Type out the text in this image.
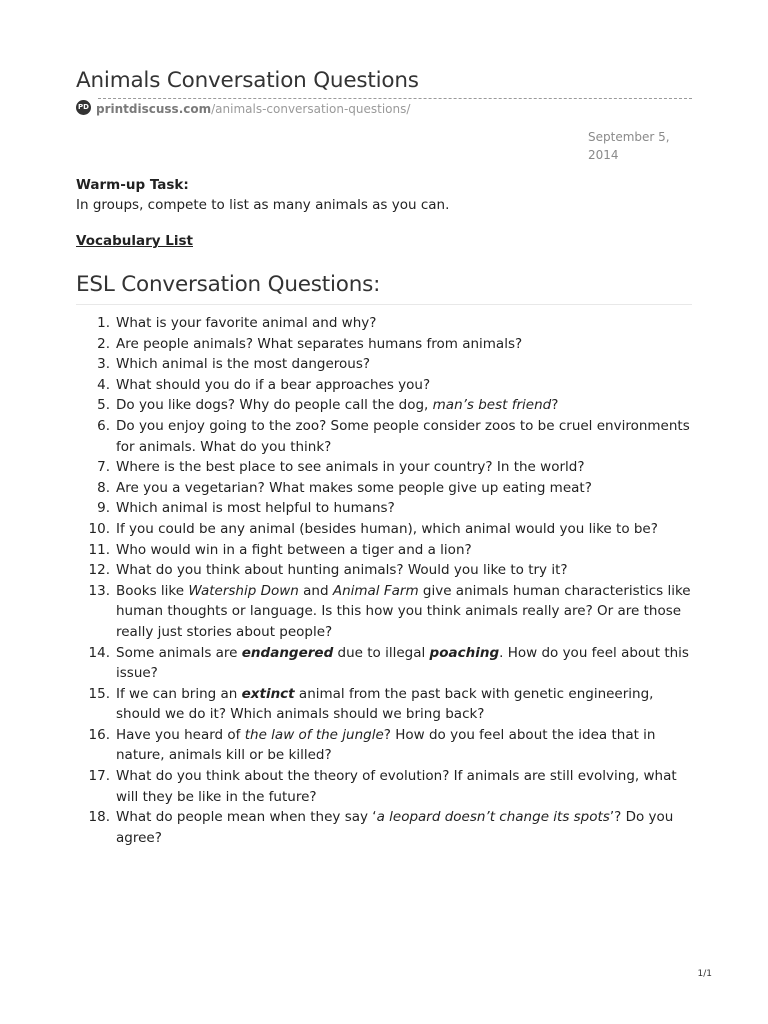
Animals Conversation Questions
PD printdiscuss.com /animals-conversation-questions/
September 5,
2014
Warm-up Task:
In groups, compete to list as many animals as you can.
Vocabulary List
ESL Conversation Questions:
1. What is your favorite animal and why?
2. Are people animals? What separates humans from animals?
3. Which animal is the most dangerous?
4. What should you do if a bear approaches you?
5. Do you like dogs? Why do people call the dog, man’s best friend?
6. Do you enjoy going to the zoo? Some people consider zoos to be cruel environments for animals. What do you think?
7. Where is the best place to see animals in your country? In the world?
8. Are you a vegetarian? What makes some people give up eating meat?
9. Which animal is most helpful to humans?
10. If you could be any animal (besides human), which animal would you like to be?
11. Who would win in a fight between a tiger and a lion?
12. What do you think about hunting animals? Would you like to try it?
13. Books like Watership Down and Animal Farm give animals human characteristics like human thoughts or language. Is this how you think animals really are? Or are those really just stories about people?
14. Some animals are endangered due to illegal poaching. How do you feel about this issue?
15. If we can bring an extinct animal from the past back with genetic engineering, should we do it? Which animals should we bring back?
16. Have you heard of the law of the jungle? How do you feel about the idea that in nature, animals kill or be killed?
17. What do you think about the theory of evolution? If animals are still evolving, what will they be like in the future?
18. What do people mean when they say ‘a leopard doesn’t change its spots’? Do you agree?
1/1
